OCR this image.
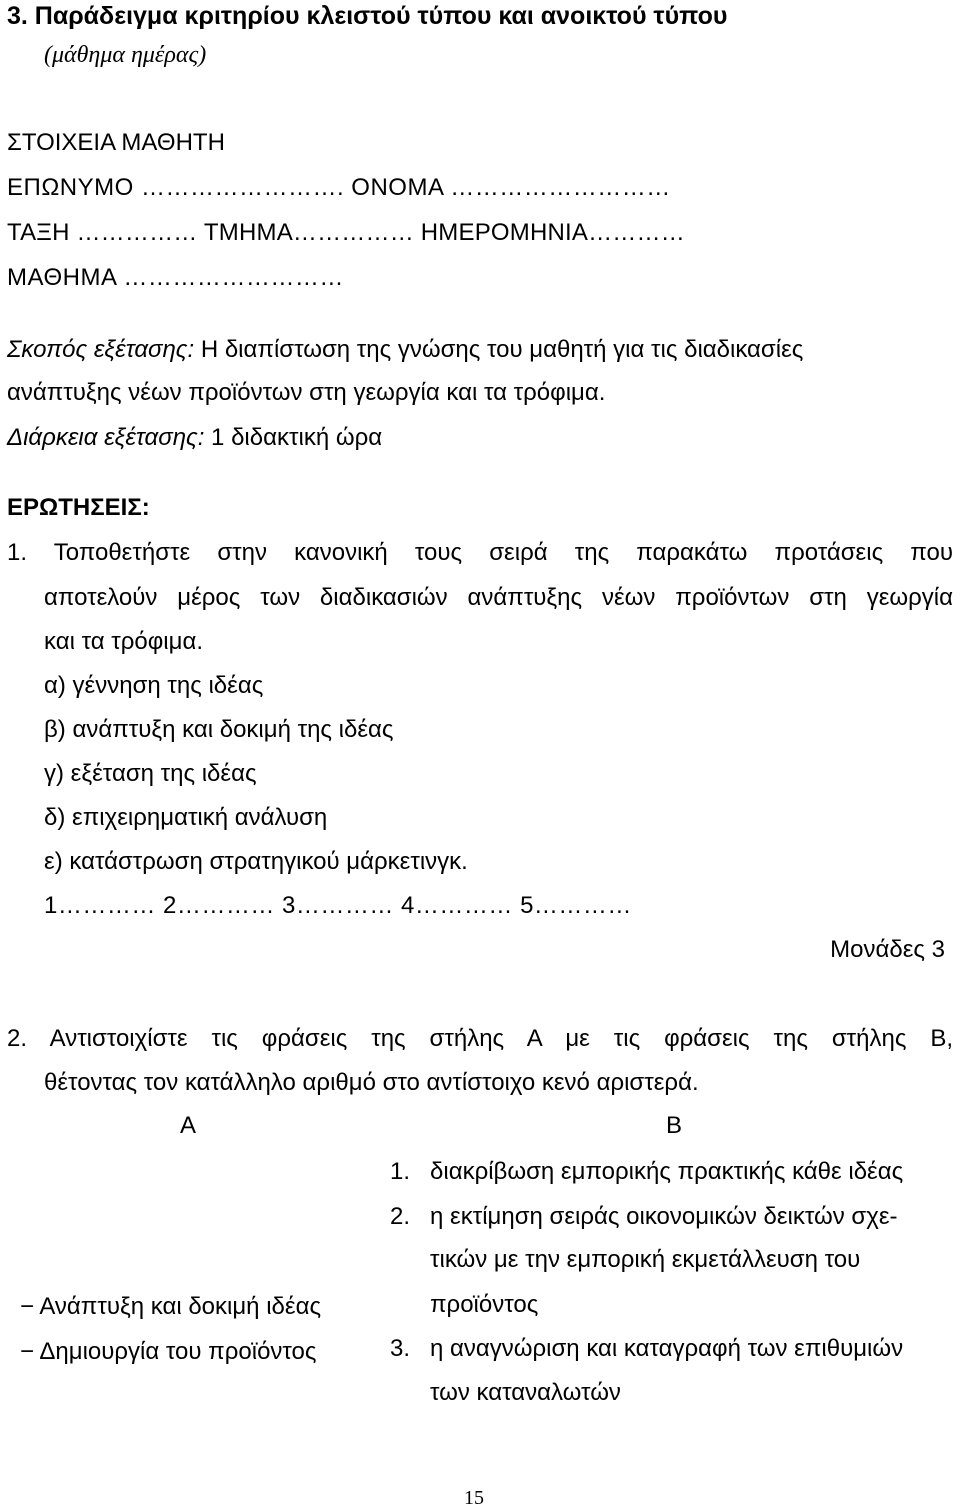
3. Παράδειγμα κριτηρίου κλειστού τύπου και ανοικτού τύπου
(μάθημα ημέρας)
ΣΤΟΙΧΕΙΑ ΜΑΘΗΤΗ
ΕΠΩΝΥΜΟ ……………………. ΟΝΟΜΑ ………………………
ΤΑΞΗ …………… ΤΜΗΜΑ…………… ΗΜΕΡΟΜΗΝΙΑ…………
ΜΑΘΗΜΑ ………………………
Σκοπός εξέτασης: Η διαπίστωση της γνώσης του μαθητή για τις διαδικασίες
ανάπτυξης νέων προϊόντων στη γεωργία και τα τρόφιμα.
Διάρκεια εξέτασης: 1 διδακτική ώρα
ΕΡΩΤΗΣΕΙΣ:
1. Τοποθετήστε στην κανονική τους σειρά της παρακάτω προτάσεις που
αποτελούν μέρος των διαδικασιών ανάπτυξης νέων προϊόντων στη γεωργία
και τα τρόφιμα.
α) γέννηση της ιδέας
β) ανάπτυξη και δοκιμή της ιδέας
γ) εξέταση της ιδέας
δ) επιχειρηματική ανάλυση
ε) κατάστρωση στρατηγικού μάρκετινγκ.
1………… 2………… 3………… 4………… 5…………
Μονάδες 3
2. Αντιστοιχίστε τις φράσεις της στήλης Α με τις φράσεις της στήλης Β,
θέτοντας τον κατάλληλο αριθμό στο αντίστοιχο κενό αριστερά.
Α	Β
1. διακρίβωση εμπορικής πρακτικής κάθε ιδέας
2. η εκτίμηση σειράς οικονομικών δεικτών σχε-
τικών με την εμπορική εκμετάλλευση του
προϊόντος
3. η αναγνώριση και καταγραφή των επιθυμιών
των καταναλωτών
− Ανάπτυξη και δοκιμή ιδέας
− Δημιουργία του προϊόντος
15
